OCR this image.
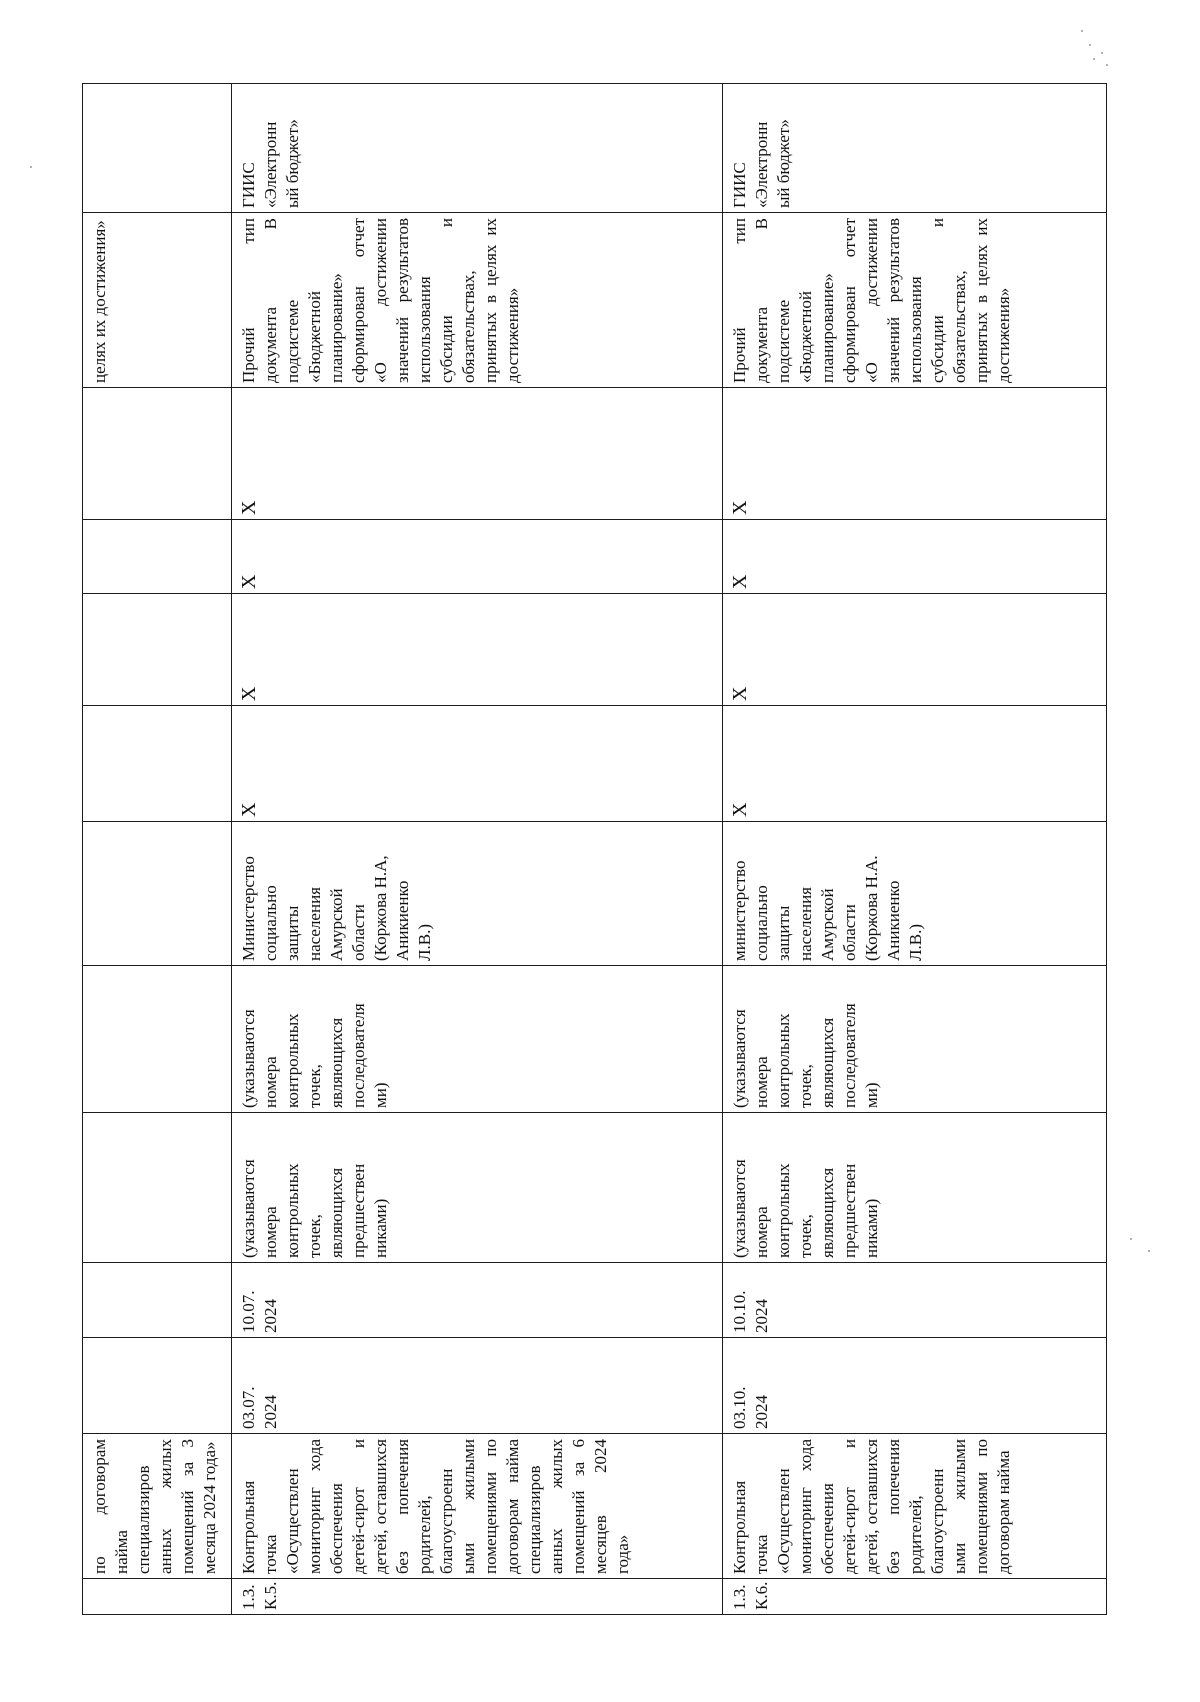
целях их достижения»
по договорам найма специализиров анных жилых помещений за 3 месяца 2024 года»
ГИИС
«Электронн
ый бюджет»
Прочий тип документа В подсистеме «Бюджетной планирование» сформирован отчет «О достижении значений результатов использования субсидии и обязательствах, принятых в целях их достижения»
X
X
X
X
Министерство
социально
защиты
населения
Амурской
области
(Коржова Н.А,
Аникиенко
Л.В.)
(указываются
номера
контрольных
точек,
являющихся
последователя
ми)
(указываются
номера
контрольных
точек,
являющихся
предшествен
никами)
10.07.
2024
03.07.
2024
Контрольная точка «Осуществлен мониторинг хода обеспечения детей-сирот и детей, оставшихся без попечения родителей, благоустроенн ыми жилыми помещениями по договорам найма специализиров анных жилых помещений за 6 месяцев 2024 года»
1.3.
К.5.
ГИИС
«Электронн
ый бюджет»
Прочий тип документа В подсистеме «Бюджетной планирование» сформирован отчет «О достижении значений результатов использования субсидии и обязательствах, принятых в целях их достижения»
X
X
X
X
министерство
социально
защиты
населения
Амурской
области
(Коржова Н.А.
Аникиенко
Л.В.)
(указываются
номера
контрольных
точек,
являющихся
последователя
ми)
(указываются
номера
контрольных
точек,
являющихся
предшествен
никами)
10.10.
2024
03.10.
2024
Контрольная точка «Осуществлен мониторинг хода обеспечения детей-сирот и детей, оставшихся без попечения родителей, благоустроенн ыми жилыми помещениями по договорам найма
1.3.
К.6.
